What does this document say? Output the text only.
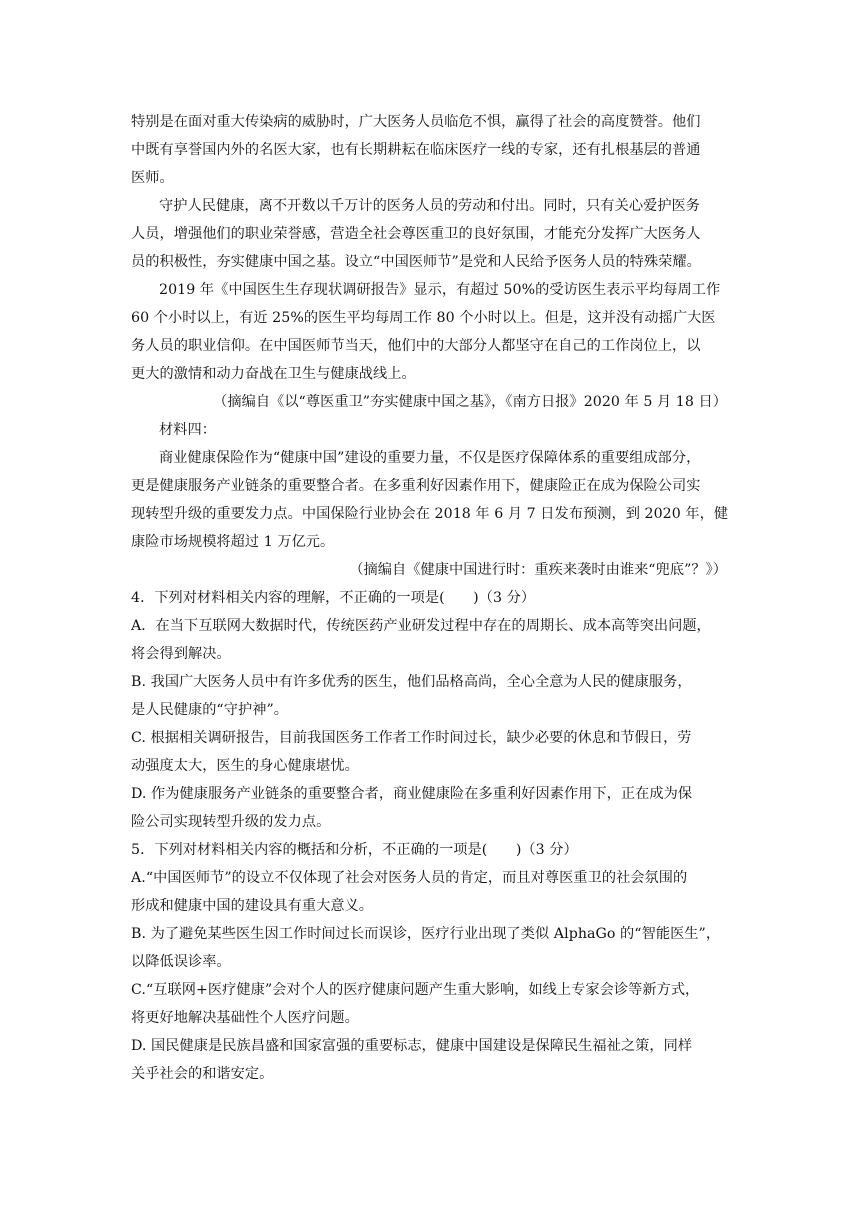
特别是在面对重大传染病的威胁时，广大医务人员临危不惧，赢得了社会的高度赞誉。他们
中既有享誉国内外的名医大家，也有长期耕耘在临床医疗一线的专家，还有扎根基层的普通
医师。
守护人民健康，离不开数以千万计的医务人员的劳动和付出。同时，只有关心爱护医务
人员，增强他们的职业荣誉感，营造全社会尊医重卫的良好氛围，才能充分发挥广大医务人
员的积极性，夯实健康中国之基。设立“中国医师节”是党和人民给予医务人员的特殊荣耀。
2019 年《中国医生生存现状调研报告》显示，有超过 50%的受访医生表示平均每周工作
60 个小时以上，有近 25%的医生平均每周工作 80 个小时以上。但是，这并没有动摇广大医
务人员的职业信仰。在中国医师节当天，他们中的大部分人都坚守在自己的工作岗位上，以
更大的激情和动力奋战在卫生与健康战线上。
（摘编自《以“尊医重卫”夯实健康中国之基》，《南方日报》2020 年 5 月 18 日）
材料四：
商业健康保险作为“健康中国”建设的重要力量，不仅是医疗保障体系的重要组成部分，
更是健康服务产业链条的重要整合者。在多重利好因素作用下，健康险正在成为保险公司实
现转型升级的重要发力点。中国保险行业协会在 2018 年 6 月 7 日发布预测，到 2020 年，健
康险市场规模将超过 1 万亿元。
（摘编自《健康中国进行时：重疾来袭时由谁来“兜底”？》）
4．下列对材料相关内容的理解，不正确的一项是(　　)（3 分）
A．在当下互联网大数据时代，传统医药产业研发过程中存在的周期长、成本高等突出问题，
将会得到解决。
B. 我国广大医务人员中有许多优秀的医生，他们品格高尚，全心全意为人民的健康服务，
是人民健康的“守护神”。
C. 根据相关调研报告，目前我国医务工作者工作时间过长，缺少必要的休息和节假日，劳
动强度太大，医生的身心健康堪忧。
D. 作为健康服务产业链条的重要整合者，商业健康险在多重利好因素作用下，正在成为保
险公司实现转型升级的发力点。
5．下列对材料相关内容的概括和分析，不正确的一项是(　　)（3 分）
A.“中国医师节”的设立不仅体现了社会对医务人员的肯定，而且对尊医重卫的社会氛围的
形成和健康中国的建设具有重大意义。
B. 为了避免某些医生因工作时间过长而误诊，医疗行业出现了类似 AlphaGo 的“智能医生”，
以降低误诊率。
C.“互联网+医疗健康”会对个人的医疗健康问题产生重大影响，如线上专家会诊等新方式，
将更好地解决基础性个人医疗问题。
D. 国民健康是民族昌盛和国家富强的重要标志，健康中国建设是保障民生福祉之策，同样
关乎社会的和谐安定。
